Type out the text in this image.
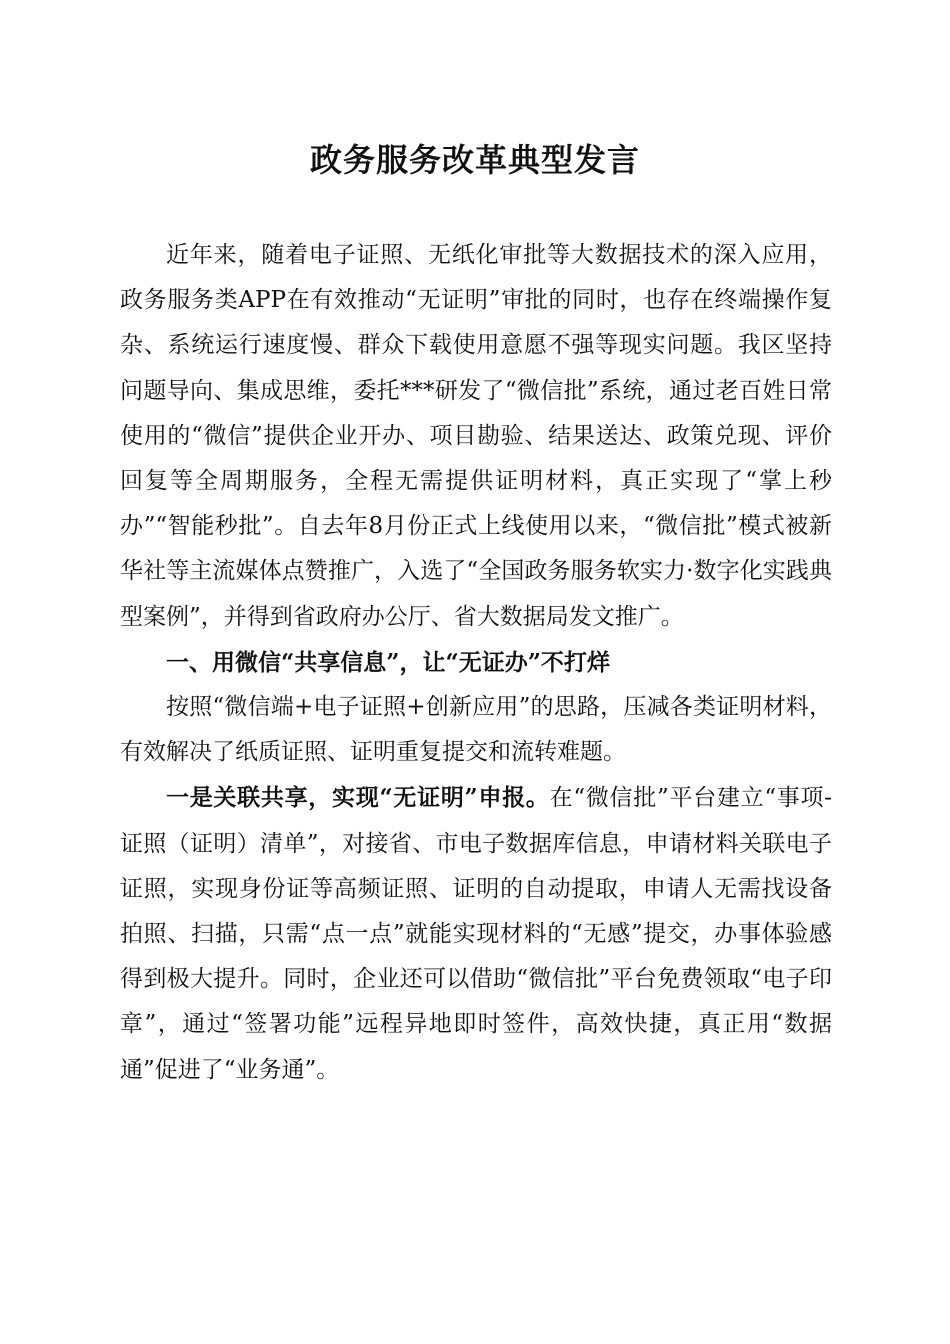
政务服务改革典型发言

近年来，随着电子证照、无纸化审批等大数据技术的深入应用，政务服务类APP在有效推动“无证明”审批的同时，也存在终端操作复杂、系统运行速度慢、群众下载使用意愿不强等现实问题。我区坚持问题导向、集成思维，委托***研发了“微信批”系统，通过老百姓日常使用的“微信”提供企业开办、项目勘验、结果送达、政策兑现、评价回复等全周期服务，全程无需提供证明材料，真正实现了“掌上秒办”“智能秒批”。自去年8月份正式上线使用以来，“微信批”模式被新华社等主流媒体点赞推广，入选了“全国政务服务软实力·数字化实践典型案例”，并得到省政府办公厅、省大数据局发文推广。

一、用微信“共享信息”，让“无证办”不打烊

按照“微信端+电子证照+创新应用”的思路，压减各类证明材料，有效解决了纸质证照、证明重复提交和流转难题。

一是关联共享，实现“无证明”申报。在“微信批”平台建立“事项-证照（证明）清单”，对接省、市电子数据库信息，申请材料关联电子证照，实现身份证等高频证照、证明的自动提取，申请人无需找设备拍照、扫描，只需“点一点”就能实现材料的“无感”提交，办事体验感得到极大提升。同时，企业还可以借助“微信批”平台免费领取“电子印章”，通过“签署功能”远程异地即时签件，高效快捷，真正用“数据通”促进了“业务通”。
